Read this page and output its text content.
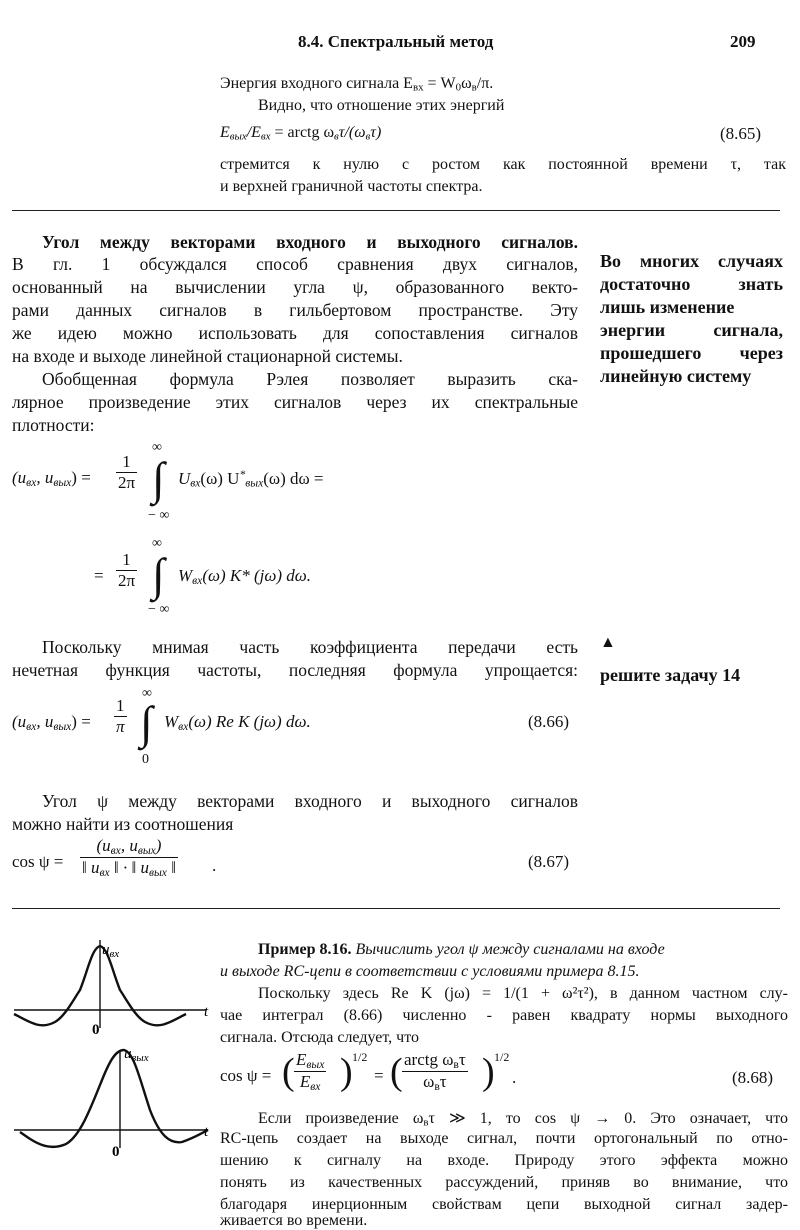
8.4. Спектральный метод	209
Энергия входного сигнала $E_{вх} = W_0\omega_в/\pi$.
Видно, что отношение этих энергий
$E_{вых}/E_{вх}$ = arctg $\omega_в\tau/(\omega_в\tau)$	(8.65)
стремится к нулю с ростом как постоянной времени τ, так
и верхней граничной частоты спектра.
Угол между векторами входного и выходного сигналов.
В гл. 1 обсуждался способ сравнения двух сигналов,
основанный на вычислении угла ψ, образованного векто-
рами данных сигналов в гильбертовом пространстве. Эту
же идею можно использовать для сопоставления сигналов
на входе и выходе линейной стационарной системы.
Обобщенная формула Рэлея позволяет выразить ска-
лярное произведение этих сигналов через их спектральные
плотности:
Во многих случаях
достаточно знать
лишь изменение
энергии сигнала,
прошедшего через
линейную систему
($u_{вх}$, $u_{вых}) = \frac{1}{2\pi}$
∞
∫
− ∞
$U_{вх}(\omega)$ $U^*_{вых}(\omega) d\omega$ =
= $\frac{1}{2\pi}$
∞
∫
− ∞
$W_{вх}(\omega)$ K* (jω) dω.
Поскольку мнимая часть коэффициента передачи есть
нечетная функция частоты, последняя формула упрощается:
▲
решите задачу 14
($u_{вх}$, $u_{вых}) = \frac{1}{\pi}$
∞
∫
0
$W_{вх}(\omega)$ Re K (jω) dω.	(8.66)
Угол ψ между векторами входного и выходного сигналов
можно найти из соотношения
cos ψ =
($u_{вх}$, $u_{вых}$)
‖ $u_{вх}$ ‖ · ‖ $u_{вых}$ ‖ .	(8.67)
$u_{вх}$
0
t
$u_{вых}$
0
t
Пример 8.16. Вычислить угол ψ между сигналами на входе
и выходе RC-цепи в соответствии с условиями примера 8.15.
Поскольку здесь Re K (jω) = 1/(1 + ω²τ²), в данном частном слу-
чае интеграл (8.66) численно - равен квадрату нормы выходного
сигнала. Отсюда следует, что
cos ψ = ( $E_{вых}$
$E_{вх}$ ) 1/2
= ( arctg $\omega_в\tau$
$\omega_в\tau$ ) 1/2
.	(8.68)
Если произведение $\omega_в\tau$ ≫ 1, то cos ψ → 0. Это означает, что
RC-цепь создает на выходе сигнал, почти ортогональный по отно-
шению к сигналу на входе. Природу этого эффекта можно
понять из качественных рассуждений, приняв во внимание, что
благодаря инерционным свойствам цепи выходной сигнал задер-
живается во времени.
